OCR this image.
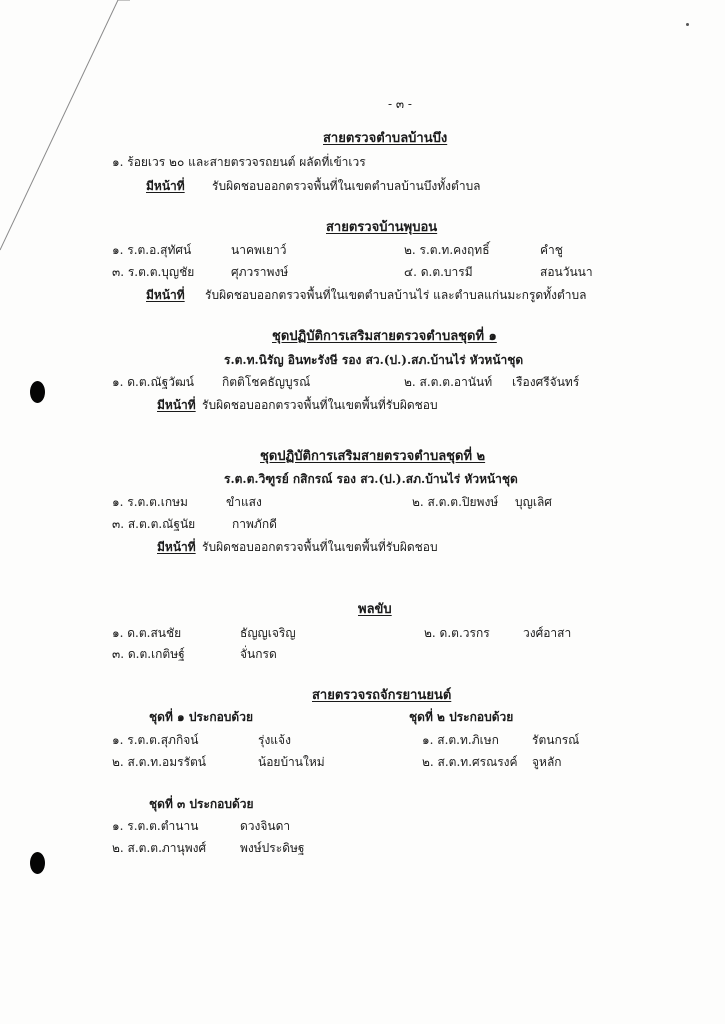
- ๓ -
สายตรวจตำบลบ้านบึง
๑. ร้อยเวร ๒๐ และสายตรวจรถยนต์ ผลัดที่เข้าเวร
มีหน้าที่ รับผิดชอบออกตรวจพื้นที่ในเขตตำบลบ้านบึงทั้งตำบล
สายตรวจบ้านพุบอน
๑. ร.ต.อ.สุทัศน์	นาคพเยาว์	๒. ร.ต.ท.คงฤทธิ์	คำชู
๓. ร.ต.ต.บุญชัย	ศุภวราพงษ์	๔. ด.ต.บารมี	สอนวันนา
มีหน้าที่ รับผิดชอบออกตรวจพื้นที่ในเขตตำบลบ้านไร่ และตำบลแก่นมะกรูดทั้งตำบล
ชุดปฏิบัติการเสริมสายตรวจตำบลชุดที่ ๑
ร.ต.ท.นิรัญ อินทะรังษี รอง สว.(ป.).สภ.บ้านไร่ หัวหน้าชุด
๑. ด.ต.ณัฐวัฒน์ กิตติโชคธัญบูรณ์	๒. ส.ต.ต.อานันท์ เรืองศรีจันทร์
มีหน้าที่ รับผิดชอบออกตรวจพื้นที่ในเขตพื้นที่รับผิดชอบ
ชุดปฏิบัติการเสริมสายตรวจตำบลชุดที่ ๒
ร.ต.ต.วิฑูรย์ กสิกรณ์ รอง สว.(ป.).สภ.บ้านไร่ หัวหน้าชุด
๑. ร.ต.ต.เกษม	ขำแสง	๒. ส.ต.ต.ปิยพงษ์ บุญเลิศ
๓. ส.ต.ต.ณัฐนัย	กาพภักดี
มีหน้าที่ รับผิดชอบออกตรวจพื้นที่ในเขตพื้นที่รับผิดชอบ
พลขับ
๑. ด.ต.สนชัย	ธัญญเจริญ	๒. ด.ต.วรกร	วงศ์อาสา
๓. ด.ต.เกติษฐ์	จั่นกรด
สายตรวจรถจักรยานยนต์
ชุดที่ ๑ ประกอบด้วย	ชุดที่ ๒ ประกอบด้วย
๑. ร.ต.ต.สุภกิจน์	รุ่งแจ้ง	๑. ส.ต.ท.ภิเษก	รัตนกรณ์
๒. ส.ต.ท.อมรรัตน์	น้อยบ้านใหม่	๒. ส.ต.ท.ศรณรงค์ จูหลัก
ชุดที่ ๓ ประกอบด้วย
๑. ร.ต.ต.ตำนาน	ดวงจินดา
๒. ส.ต.ต.ภานุพงศ์	พงษ์ประดิษฐ
